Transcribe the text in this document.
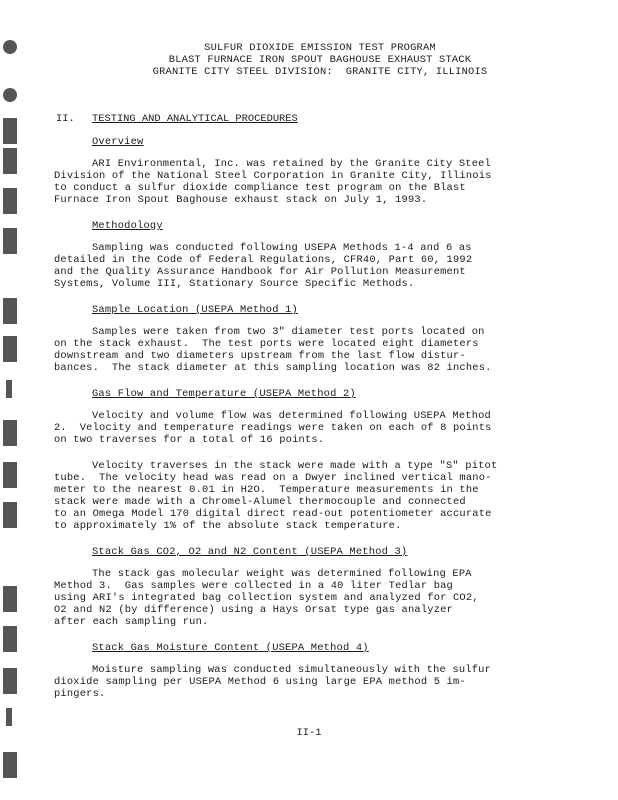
SULFUR DIOXIDE EMISSION TEST PROGRAM
BLAST FURNACE IRON SPOUT BAGHOUSE EXHAUST STACK
GRANITE CITY STEEL DIVISION:  GRANITE CITY, ILLINOIS
II. TESTING AND ANALYTICAL PROCEDURES
Overview
ARI Environmental, Inc. was retained by the Granite City Steel
Division of the National Steel Corporation in Granite City, Illinois
to conduct a sulfur dioxide compliance test program on the Blast
Furnace Iron Spout Baghouse exhaust stack on July 1, 1993.
Methodology
Sampling was conducted following USEPA Methods 1-4 and 6 as
detailed in the Code of Federal Regulations, CFR40, Part 60, 1992
and the Quality Assurance Handbook for Air Pollution Measurement
Systems, Volume III, Stationary Source Specific Methods.
Sample Location (USEPA Method 1)
Samples were taken from two 3" diameter test ports located on
on the stack exhaust.  The test ports were located eight diameters
downstream and two diameters upstream from the last flow distur-
bances.  The stack diameter at this sampling location was 82 inches.
Gas Flow and Temperature (USEPA Method 2)
Velocity and volume flow was determined following USEPA Method
2.  Velocity and temperature readings were taken on each of 8 points
on two traverses for a total of 16 points.
Velocity traverses in the stack were made with a type "S" pitot
tube.  The velocity head was read on a Dwyer inclined vertical mano-
meter to the nearest 0.01 in H2O.  Temperature measurements in the
stack were made with a Chromel-Alumel thermocouple and connected
to an Omega Model 170 digital direct read-out potentiometer accurate
to approximately 1% of the absolute stack temperature.
Stack Gas CO2, O2 and N2 Content (USEPA Method 3)
The stack gas molecular weight was determined following EPA
Method 3.  Gas samples were collected in a 40 liter Tedlar bag
using ARI's integrated bag collection system and analyzed for CO2,
O2 and N2 (by difference) using a Hays Orsat type gas analyzer
after each sampling run.
Stack Gas Moisture Content (USEPA Method 4)
Moisture sampling was conducted simultaneously with the sulfur
dioxide sampling per USEPA Method 6 using large EPA method 5 im-
pingers.
II-1
